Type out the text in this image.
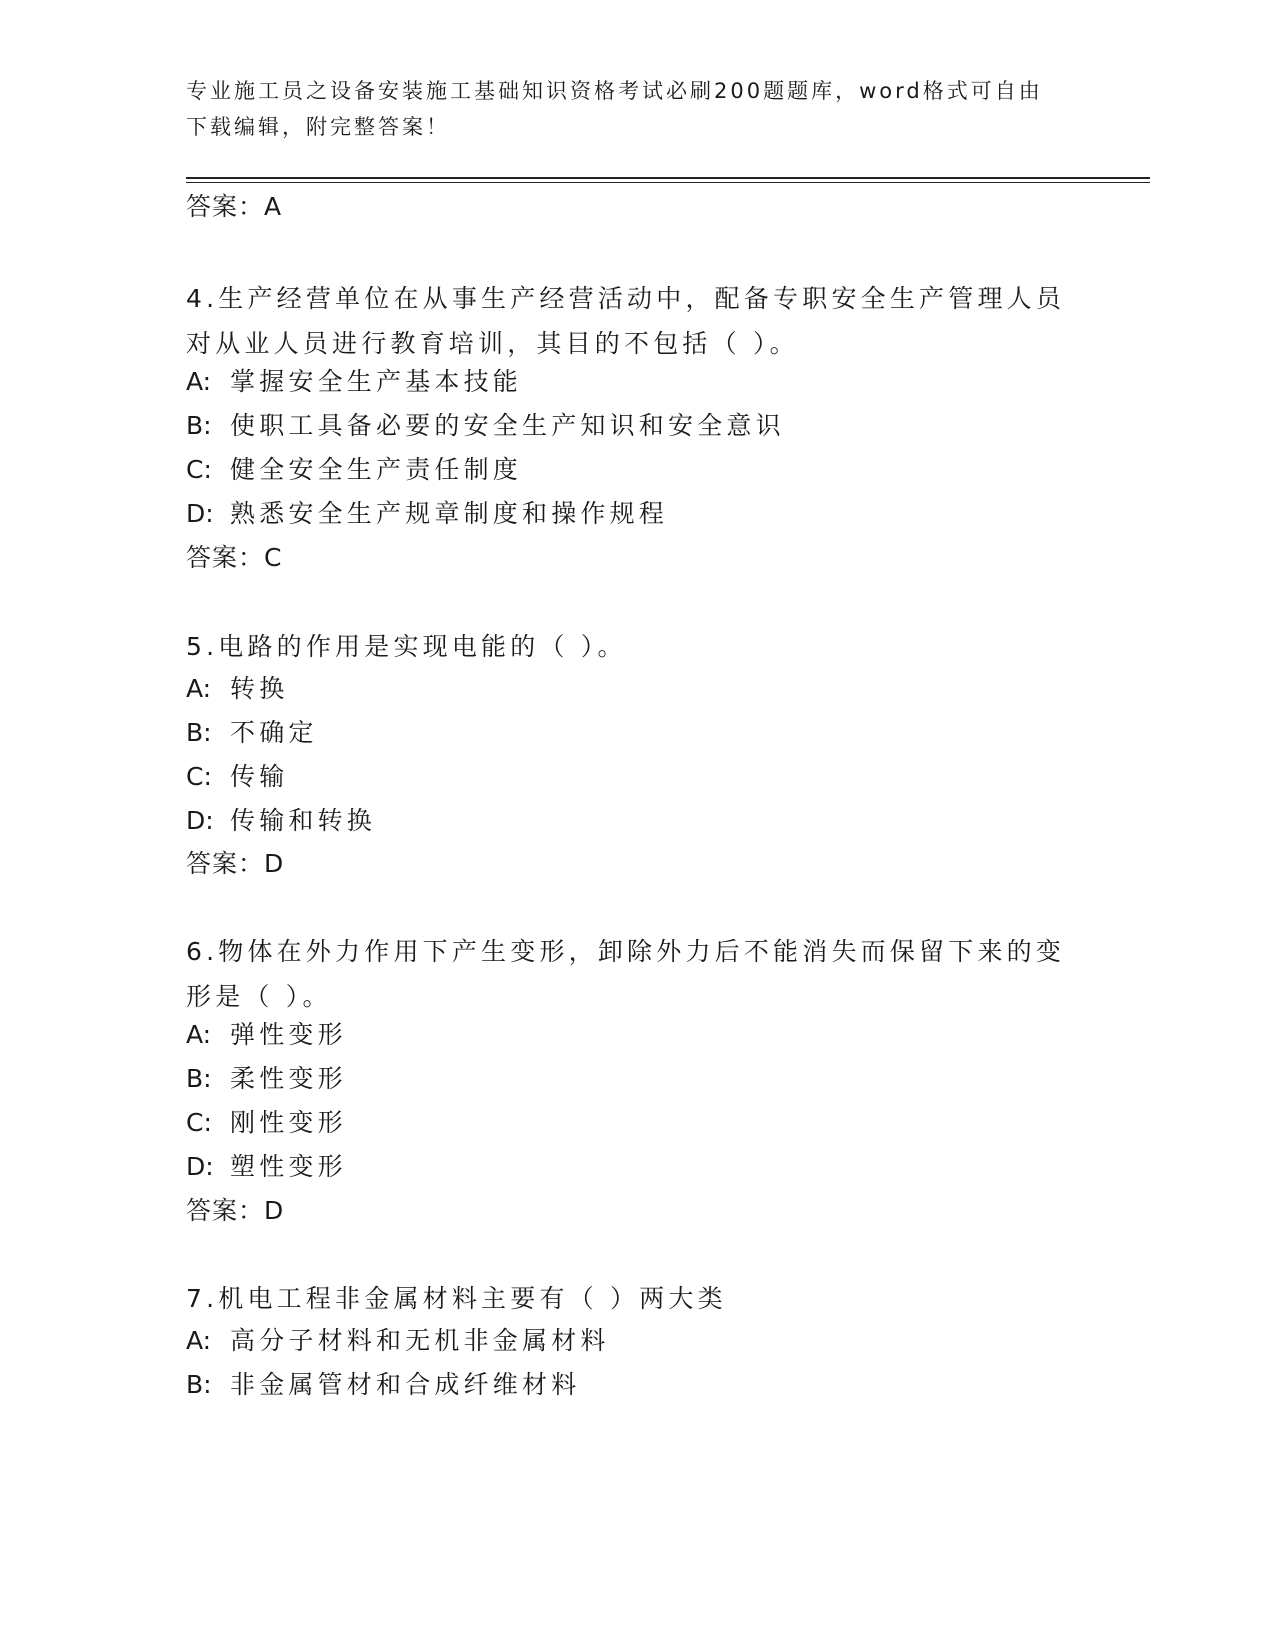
专业施工员之设备安装施工基础知识资格考试必刷200题题库，word格式可自由下载编辑，附完整答案！
答案：A
4.生产经营单位在从事生产经营活动中，配备专职安全生产管理人员对从业人员进行教育培训，其目的不包括（ ）。
A: 掌握安全生产基本技能
B: 使职工具备必要的安全生产知识和安全意识
C: 健全安全生产责任制度
D: 熟悉安全生产规章制度和操作规程
答案：C
5.电路的作用是实现电能的（ ）。
A: 转换
B: 不确定
C: 传输
D: 传输和转换
答案：D
6.物体在外力作用下产生变形，卸除外力后不能消失而保留下来的变形是（ ）。
A: 弹性变形
B: 柔性变形
C: 刚性变形
D: 塑性变形
答案：D
7.机电工程非金属材料主要有（ ）两大类
A: 高分子材料和无机非金属材料
B: 非金属管材和合成纤维材料
